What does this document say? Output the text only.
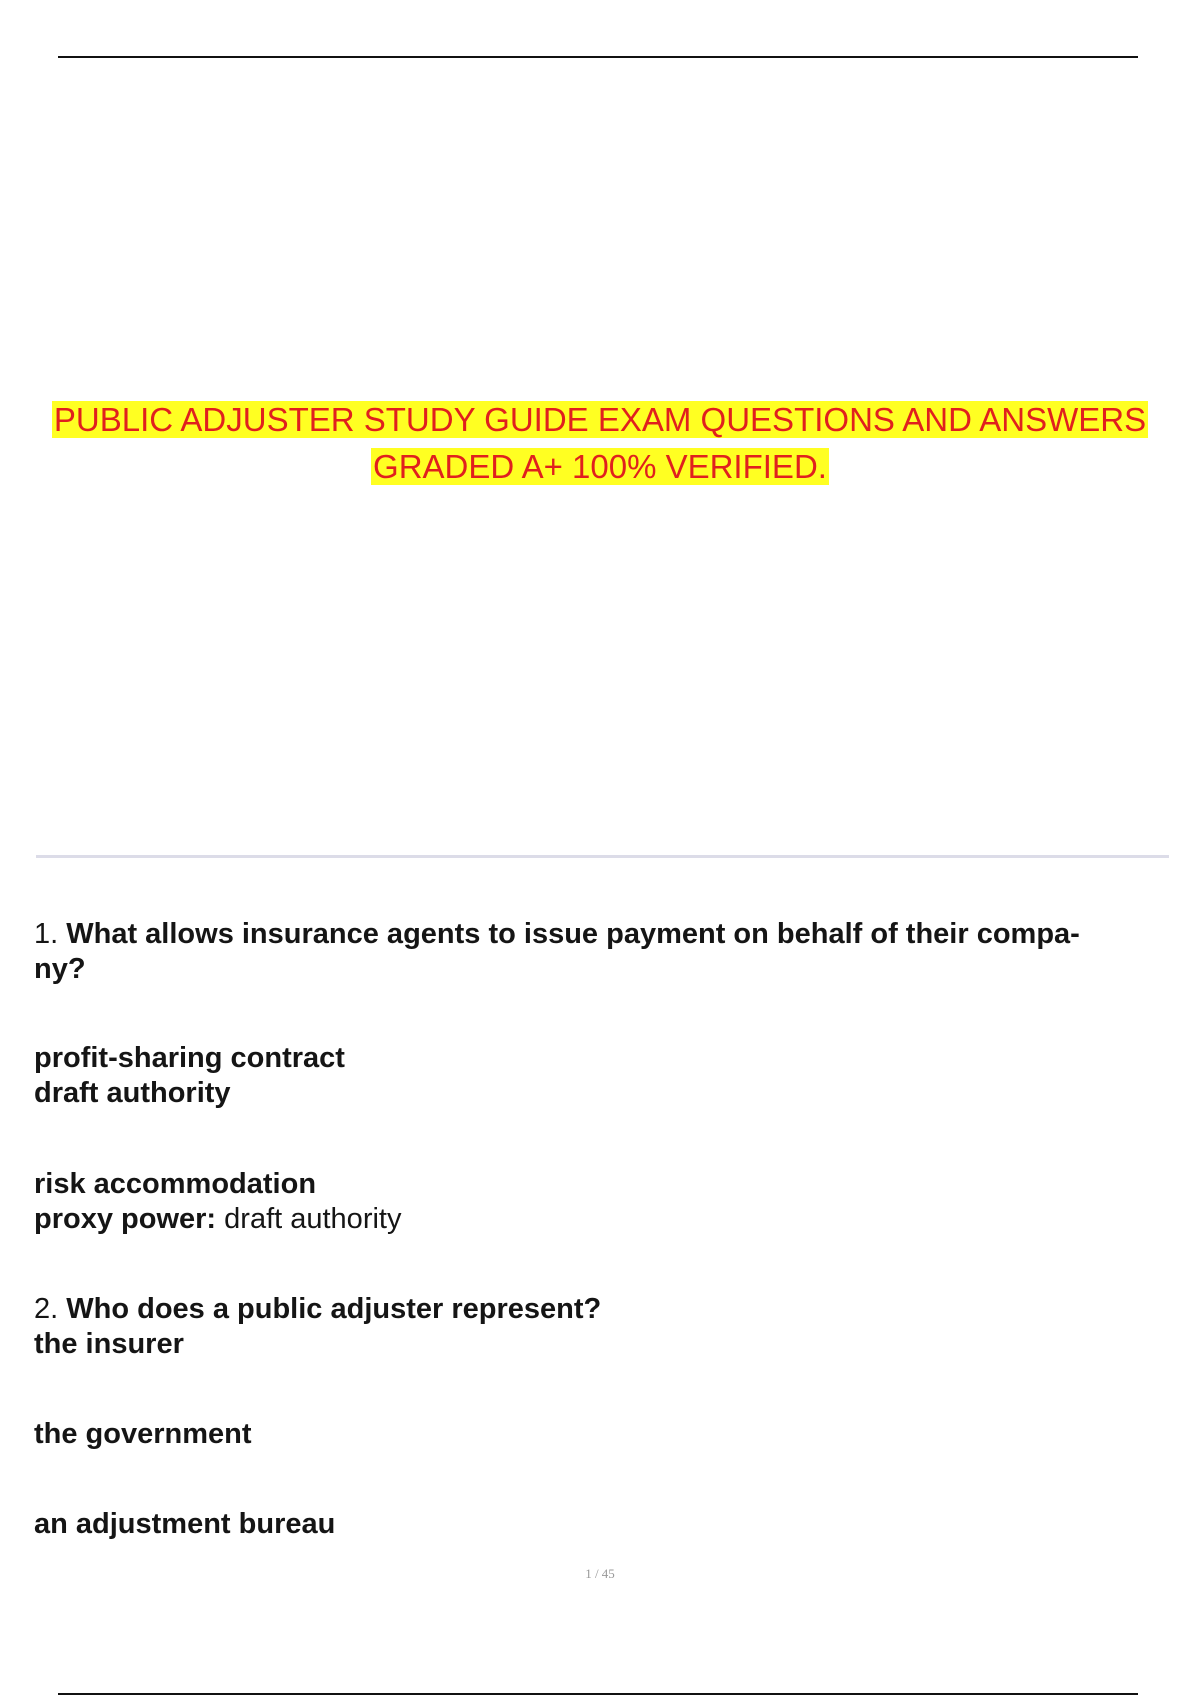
PUBLIC ADJUSTER STUDY GUIDE EXAM QUESTIONS AND ANSWERS
GRADED A+ 100% VERIFIED.
1. What allows insurance agents to issue payment on behalf of their compa-
ny?
profit-sharing contract
draft authority
risk accommodation
proxy power: draft authority
2. Who does a public adjuster represent?
the insurer
the government
an adjustment bureau
1 / 45
